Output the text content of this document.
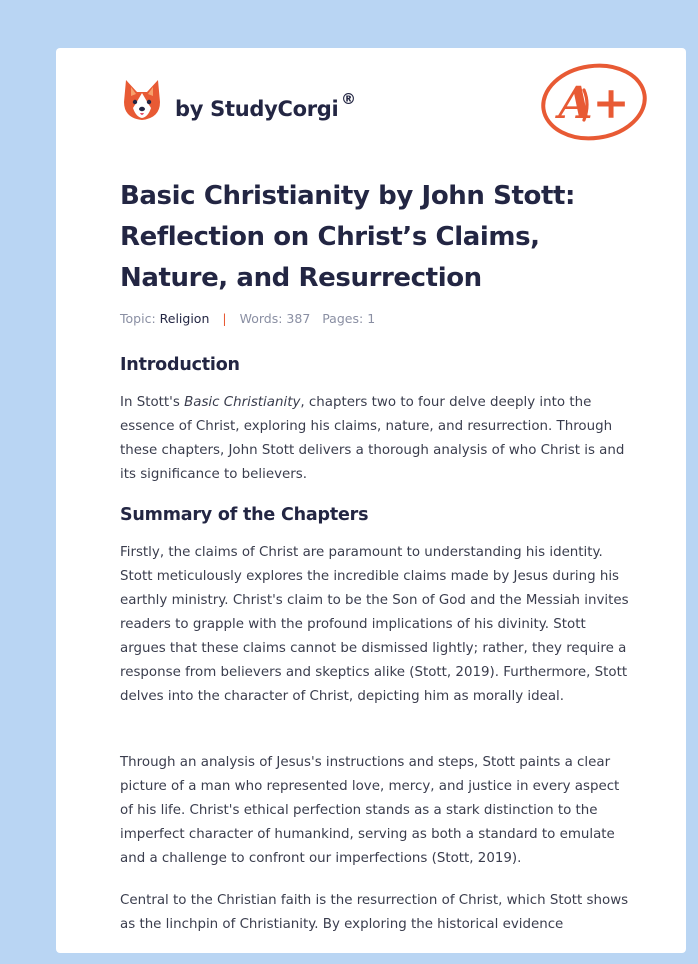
by StudyCorgi ®	A+
Basic Christianity by John Stott: Reflection on Christ’s Claims, Nature, and Resurrection
Topic: Religion | Words: 387 Pages: 1
Introduction

In Stott's Basic Christianity, chapters two to four delve deeply into the essence of Christ, exploring his claims, nature, and resurrection. Through these chapters, John Stott delivers a thorough analysis of who Christ is and its significance to believers.

Summary of the Chapters

Firstly, the claims of Christ are paramount to understanding his identity. Stott meticulously explores the incredible claims made by Jesus during his earthly ministry. Christ's claim to be the Son of God and the Messiah invites readers to grapple with the profound implications of his divinity. Stott argues that these claims cannot be dismissed lightly; rather, they require a response from believers and skeptics alike (Stott, 2019). Furthermore, Stott delves into the character of Christ, depicting him as morally ideal.

Through an analysis of Jesus's instructions and steps, Stott paints a clear picture of a man who represented love, mercy, and justice in every aspect of his life. Christ's ethical perfection stands as a stark distinction to the imperfect character of humankind, serving as both a standard to emulate and a challenge to confront our imperfections (Stott, 2019).

Central to the Christian faith is the resurrection of Christ, which Stott shows as the linchpin of Christianity. By exploring the historical evidence
